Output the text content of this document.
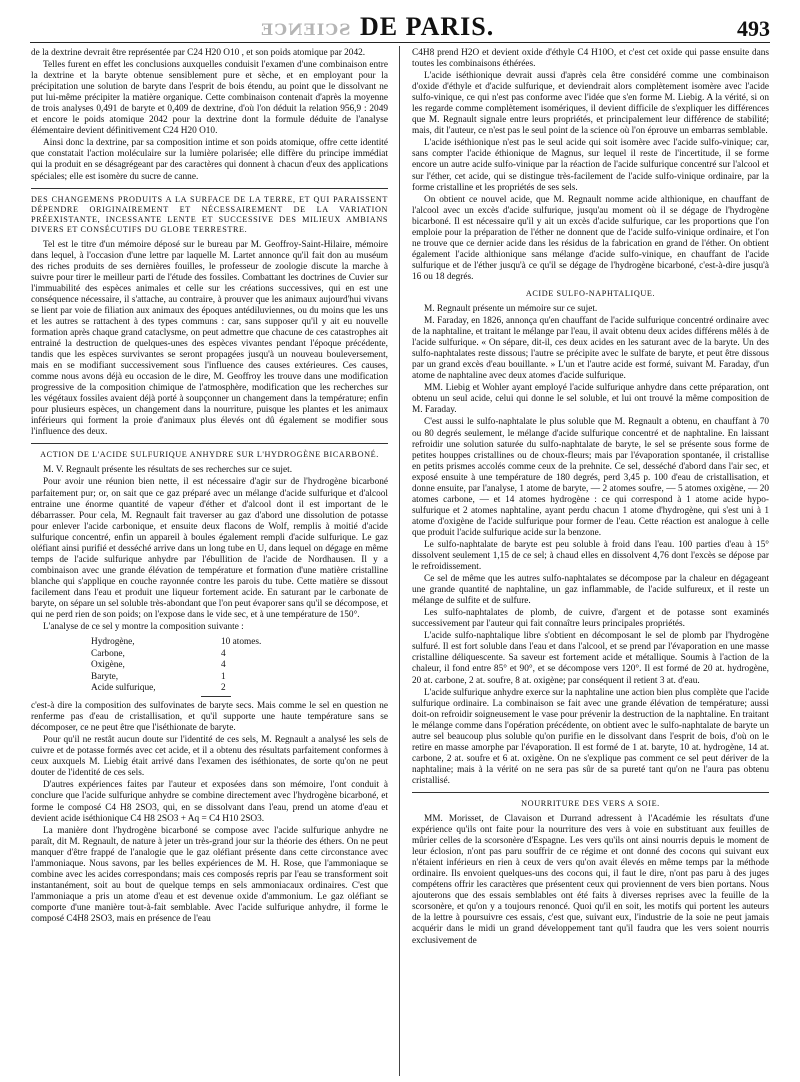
SCIENCE DE PARIS.	493

de la dextrine devrait être représentée par C24 H20 O10 , et son poids atomique par 2042.

Telles furent en effet les conclusions auxquelles conduisit l'examen d'une combinaison entre la dextrine et la baryte obtenue sensiblement pure et sèche, et en employant pour la précipitation une solution de baryte dans l'esprit de bois étendu, au point que le dissolvant ne put lui-même précipiter la matière organique. Cette combinaison contenait d'après la moyenne de trois analyses 0,491 de baryte et 0,409 de dextrine, d'où l'on déduit la relation 956,9 : 2049 et encore le poids atomique 2042 pour la dextrine dont la formule déduite de l'analyse élémentaire devient définitivement C24 H20 O10.

Ainsi donc la dextrine, par sa composition intime et son poids atomique, offre cette identité que constatait l'action moléculaire sur la lumière polarisée; elle diffère du principe immédiat qui la produit en se désagrégeant par des caractères qui donnent à chacun d'eux des applications spéciales; elle est isomère du sucre de canne.

DES CHANGEMENS PRODUITS A LA SURFACE DE LA TERRE, ET QUI PARAISSENT DÉPENDRE ORIGINAIREMENT ET NÉCESSAIREMENT DE LA VARIATION PRÉEXISTANTE, INCESSANTE LENTE ET SUCCESSIVE DES MILIEUX AMBIANS DIVERS ET CONSÉCUTIFS DU GLOBE TERRESTRE.

Tel est le titre d'un mémoire déposé sur le bureau par M. Geoffroy-Saint-Hilaire, mémoire dans lequel, à l'occasion d'une lettre par laquelle M. Lartet annonce qu'il fait don au muséum des riches produits de ses dernières fouilles, le professeur de zoologie discute la marche à suivre pour tirer le meilleur parti de l'étude des fossiles. Combattant les doctrines de Cuvier sur l'immuabilité des espèces animales et celle sur les créations successives, qui en est une conséquence nécessaire, il s'attache, au contraire, à prouver que les animaux aujourd'hui vivans se lient par voie de filiation aux animaux des époques antédiluviennes, ou du moins que les uns et les autres se rattachent à des types communs : car, sans supposer qu'il y ait eu nouvelle formation après chaque grand cataclysme, on peut admettre que chacune de ces catastrophes ait entrainé la destruction de quelques-unes des espèces vivantes pendant l'époque précédente, tandis que les espèces survivantes se seront propagées jusqu'à un nouveau bouleversement, mais en se modifiant successivement sous l'influence des causes extérieures. Ces causes, comme nous avons déjà eu occasion de le dire, M. Geoffroy les trouve dans une modification progressive de la composition chimique de l'atmosphère, modification que les recherches sur les végétaux fossiles avaient déjà porté à soupçonner un changement dans la température; enfin pour plusieurs espèces, un changement dans la nourriture, puisque les plantes et les animaux inférieurs qui forment la proie d'animaux plus élevés ont dû également se modifier sous l'influence des deux.

ACTION DE L'ACIDE SULFURIQUE ANHYDRE SUR L'HYDROGÈNE BICARBONÉ.

M. V. Regnault présente les résultats de ses recherches sur ce sujet.

Pour avoir une réunion bien nette, il est nécessaire d'agir sur de l'hydrogène bicarboné parfaitement pur; or, on sait que ce gaz préparé avec un mélange d'acide sulfurique et d'alcool entraine une énorme quantité de vapeur d'éther et d'alcool dont il est important de le débarrasser. Pour cela, M. Regnault fait traverser au gaz d'abord une dissolution de potasse pour enlever l'acide carbonique, et ensuite deux flacons de Wolf, remplis à moitié d'acide sulfurique concentré, enfin un appareil à boules également rempli d'acide sulfurique. Le gaz oléfiant ainsi purifié et desséché arrive dans un long tube en U, dans lequel on dégage en même temps de l'acide sulfurique anhydre par l'ébullition de l'acide de Nordhausen. Il y a combinaison avec une grande élévation de température et formation d'une matière cristalline blanche qui s'applique en couche rayonnée contre les parois du tube. Cette matière se dissout facilement dans l'eau et produit une liqueur fortement acide. En saturant par le carbonate de baryte, on sépare un sel soluble très-abondant que l'on peut évaporer sans qu'il se décompose, et qui ne perd rien de son poids; on l'expose dans le vide sec, et à une température de 150°.

L'analyse de ce sel y montre la composition suivante :

Hydrogène,	10 atomes.
Carbone,	4
Oxigène,	4
Baryte,	1
Acide sulfurique,	2

c'est-à dire la composition des sulfovinates de baryte secs. Mais comme le sel en question ne renferme pas d'eau de cristallisation, et qu'il supporte une haute température sans se décomposer, ce ne peut être que l'iséthionate de baryte.

Pour qu'il ne restât aucun doute sur l'identité de ces sels, M. Regnault a analysé les sels de cuivre et de potasse formés avec cet acide, et il a obtenu des résultats parfaitement conformes à ceux auxquels M. Liebig était arrivé dans l'examen des iséthionates, de sorte qu'on ne peut douter de l'identité de ces sels.

D'autres expériences faites par l'auteur et exposées dans son mémoire, l'ont conduit à conclure que l'acide sulfurique anhydre se combine directement avec l'hydrogène bicarboné, et forme le composé C4 H8 2SO3, qui, en se dissolvant dans l'eau, prend un atome d'eau et devient acide iséthionique C4 H8 2SO3 + Aq = C4 H10 2SO3.

La manière dont l'hydrogène bicarboné se compose avec l'acide sulfurique anhydre ne paraît, dit M. Regnault, de nature à jeter un très-grand jour sur la théorie des éthers. On ne peut manquer d'être frappé de l'analogie que le gaz oléfiant présente dans cette circonstance avec l'ammoniaque. Nous savons, par les belles expériences de M. H. Rose, que l'ammoniaque se combine avec les acides correspondans; mais ces composés repris par l'eau se transforment soit instantanément, soit au bout de quelque temps en sels ammoniacaux ordinaires. C'est que l'ammoniaque a pris un atome d'eau et est devenue oxide d'ammonium. Le gaz oléfiant se comporte d'une manière tout-à-fait semblable. Avec l'acide sulfurique anhydre, il forme le composé C4H8 2SO3, mais en présence de l'eau

C4H8 prend H2O et devient oxide d'éthyle C4 H10O, et c'est cet oxide qui passe ensuite dans toutes les combinaisons éthérées.

L'acide iséthionique devrait aussi d'après cela être considéré comme une combinaison d'oxide d'éthyle et d'acide sulfurique, et deviendrait alors complètement isomère avec l'acide sulfo-vinique, ce qui n'est pas conforme avec l'idée que s'en forme M. Liebig. A la vérité, si on les regarde comme complètement isomériques, il devient difficile de s'expliquer les différences que M. Regnault signale entre leurs propriétés, et principalement leur différence de stabilité; mais, dit l'auteur, ce n'est pas le seul point de la science où l'on éprouve un embarras semblable.

L'acide iséthionique n'est pas le seul acide qui soit isomère avec l'acide sulfo-vinique; car, sans compter l'acide éthionique de Magnus, sur lequel il reste de l'incertitude, il se forme encore un autre acide sulfo-vinique par la réaction de l'acide sulfurique concentré sur l'alcool et sur l'éther, cet acide, qui se distingue très-facilement de l'acide sulfo-vinique ordinaire, par la forme cristalline et les propriétés de ses sels.

On obtient ce nouvel acide, que M. Regnault nomme acide althionique, en chauffant de l'alcool avec un excès d'acide sulfurique, jusqu'au moment où il se dégage de l'hydrogène bicarboné. Il est nécessaire qu'il y ait un excès d'acide sulfurique, car les proportions que l'on emploie pour la préparation de l'éther ne donnent que de l'acide sulfo-vinique ordinaire, et l'on ne trouve que ce dernier acide dans les résidus de la fabrication en grand de l'éther. On obtient également l'acide althionique sans mélange d'acide sulfo-vinique, en chauffant de l'acide sulfurique et de l'éther jusqu'à ce qu'il se dégage de l'hydrogène bicarboné, c'est-à-dire jusqu'à 16 ou 18 degrés.

ACIDE SULFO-NAPHTALIQUE.

M. Regnault présente un mémoire sur ce sujet.

M. Faraday, en 1826, annonça qu'en chauffant de l'acide sulfurique concentré ordinaire avec de la naphtaline, et traitant le mélange par l'eau, il avait obtenu deux acides différens mêlés à de l'acide sulfurique. « On sépare, dit-il, ces deux acides en les saturant avec de la baryte. Un des sulfo-naphtalates reste dissous; l'autre se précipite avec le sulfate de baryte, et peut être dissous par un grand excès d'eau bouillante. » L'un et l'autre acide est formé, suivant M. Faraday, d'un atome de naphtaline avec deux atomes d'acide sulfurique.

MM. Liebig et Wohler ayant employé l'acide sulfurique anhydre dans cette préparation, ont obtenu un seul acide, celui qui donne le sel soluble, et lui ont trouvé la même composition de M. Faraday.

C'est aussi le sulfo-naphtalate le plus soluble que M. Regnault a obtenu, en chauffant à 70 ou 80 degrés seulement, le mélange d'acide sulfurique concentré et de naphtaline. En laissant refroidir une solution saturée du sulfo-naphtalate de baryte, le sel se présente sous forme de petites houppes cristallines ou de choux-fleurs; mais par l'évaporation spontanée, il cristallise en petits prismes accolés comme ceux de la prehnite. Ce sel, desséché d'abord dans l'air sec, et exposé ensuite à une température de 180 degrés, perd 3,45 p. 100 d'eau de cristallisation, et donne ensuite, par l'analyse, 1 atome de baryte, — 2 atomes soufre, — 5 atomes oxigène, — 20 atomes carbone, — et 14 atomes hydrogène : ce qui correspond à 1 atome acide hypo-sulfurique et 2 atomes naphtaline, ayant perdu chacun 1 atome d'hydrogène, qui s'est uni à 1 atome d'oxigène de l'acide sulfurique pour former de l'eau. Cette réaction est analogue à celle que produit l'acide sulfurique acide sur la benzone.

Le sulfo-naphtalate de baryte est peu soluble à froid dans l'eau. 100 parties d'eau à 15° dissolvent seulement 1,15 de ce sel; à chaud elles en dissolvent 4,76 dont l'excès se dépose par le refroidissement.

Ce sel de même que les autres sulfo-naphtalates se décompose par la chaleur en dégageant une grande quantité de naphtaline, un gaz inflammable, de l'acide sulfureux, et il reste un mélange de sulfite et de sulfure.

Les sulfo-naphtalates de plomb, de cuivre, d'argent et de potasse sont examinés successivement par l'auteur qui fait connaître leurs principales propriétés.

L'acide sulfo-naphtalique libre s'obtient en décomposant le sel de plomb par l'hydrogène sulfuré. Il est fort soluble dans l'eau et dans l'alcool, et se prend par l'évaporation en une masse cristalline déliquescente. Sa saveur est fortement acide et métallique. Soumis à l'action de la chaleur, il fond entre 85° et 90°, et se décompose vers 120°. Il est formé de 20 at. hydrogène, 20 at. carbone, 2 at. soufre, 8 at. oxigène; par conséquent il retient 3 at. d'eau.

L'acide sulfurique anhydre exerce sur la naphtaline une action bien plus complète que l'acide sulfurique ordinaire. La combinaison se fait avec une grande élévation de température; aussi doit-on refroidir soigneusement le vase pour prévenir la destruction de la naphtaline. En traitant le mélange comme dans l'opération précédente, on obtient avec le sulfo-naphtalate de baryte un autre sel beaucoup plus soluble qu'on purifie en le dissolvant dans l'esprit de bois, d'où on le retire en masse amorphe par l'évaporation. Il est formé de 1 at. baryte, 10 at. hydrogène, 14 at. carbone, 2 at. soufre et 6 at. oxigène. On ne s'explique pas comment ce sel peut dériver de la naphtaline; mais à la vérité on ne sera pas sûr de sa pureté tant qu'on ne l'aura pas obtenu cristallisé.

NOURRITURE DES VERS A SOIE.

MM. Morisset, de Clavaison et Durrand adressent à l'Académie les résultats d'une expérience qu'ils ont faite pour la nourriture des vers à voie en substituant aux feuilles de mûrier celles de la scorsonère d'Espagne. Les vers qu'ils ont ainsi nourris depuis le moment de leur éclosion, n'ont pas paru souffrir de ce régime et ont donné des cocons qui suivant eux n'étaient inférieurs en rien à ceux de vers qu'on avait élevés en même temps par la méthode ordinaire. Ils envoient quelques-uns des cocons qui, il faut le dire, n'ont pas paru à des juges compétens offrir les caractères que présentent ceux qui proviennent de vers bien portans. Nous ajouterons que des essais semblables ont été faits à diverses reprises avec la feuille de la scorsonère, et qu'on y a toujours renoncé. Quoi qu'il en soit, les motifs qui portent les auteurs de la lettre à poursuivre ces essais, c'est que, suivant eux, l'industrie de la soie ne peut jamais acquérir dans le midi un grand développement tant qu'il faudra que les vers soient nourris exclusivement de
